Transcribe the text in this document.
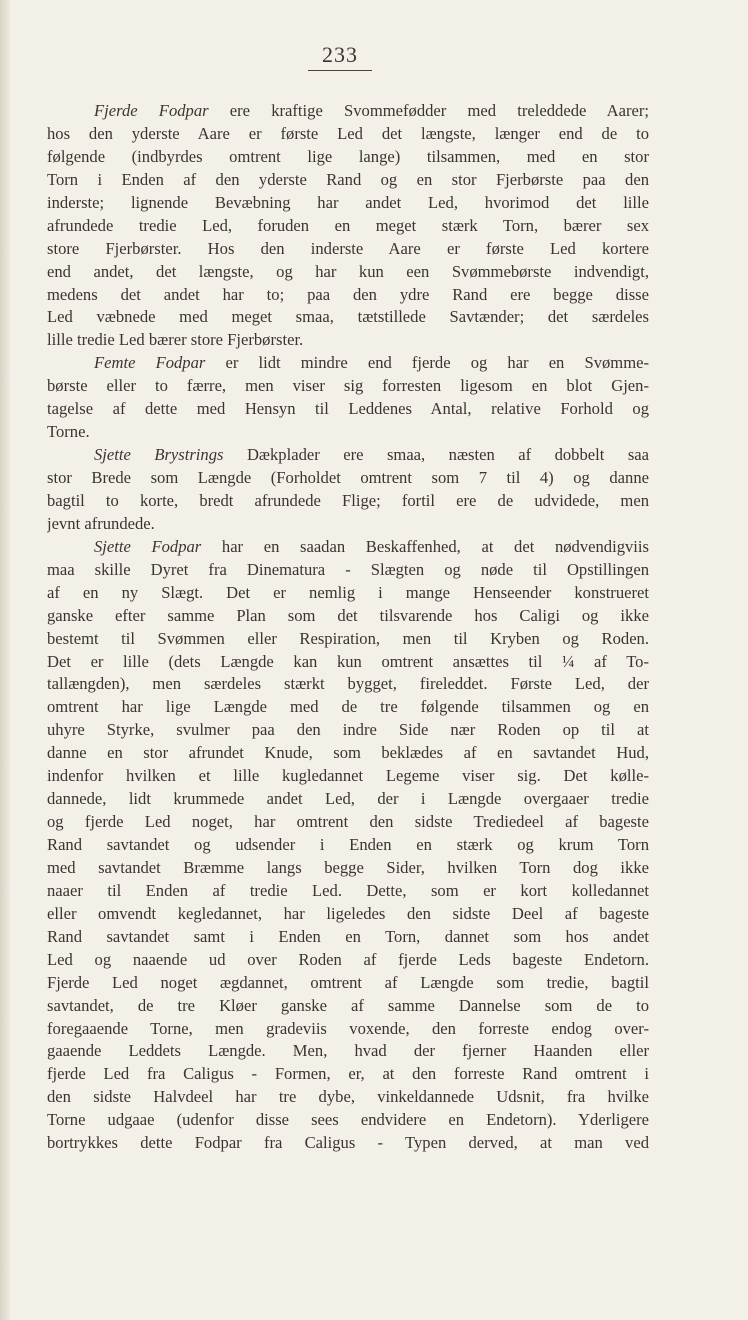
233
Fjerde Fodpar ere kraftige Svommefødder med treleddede Aarer;
hos den yderste Aare er første Led det længste, længer end de to
følgende (indbyrdes omtrent lige lange) tilsammen, med en stor
Torn i Enden af den yderste Rand og en stor Fjerbørste paa den
inderste; lignende Bevæbning har andet Led, hvorimod det lille
afrundede tredie Led, foruden en meget stærk Torn, bærer sex
store Fjerbørster. Hos den inderste Aare er første Led kortere
end andet, det længste, og har kun een Svømmebørste indvendigt,
medens det andet har to; paa den ydre Rand ere begge disse
Led væbnede med meget smaa, tætstillede Savtænder; det særdeles
lille tredie Led bærer store Fjerbørster.
Femte Fodpar er lidt mindre end fjerde og har en Svømme-
børste eller to færre, men viser sig forresten ligesom en blot Gjen-
tagelse af dette med Hensyn til Leddenes Antal, relative Forhold og
Torne.
Sjette Brystrings Dækplader ere smaa, næsten af dobbelt saa
stor Brede som Længde (Forholdet omtrent som 7 til 4) og danne
bagtil to korte, bredt afrundede Flige; fortil ere de udvidede, men
jevnt afrundede.
Sjette Fodpar har en saadan Beskaffenhed, at det nødvendigviis
maa skille Dyret fra Dinematura - Slægten og nøde til Opstillingen
af en ny Slægt. Det er nemlig i mange Henseender konstrueret
ganske efter samme Plan som det tilsvarende hos Caligi og ikke
bestemt til Svømmen eller Respiration, men til Kryben og Roden.
Det er lille (dets Længde kan kun omtrent ansættes til ¼ af To-
tallængden), men særdeles stærkt bygget, fireleddet. Første Led, der
omtrent har lige Længde med de tre følgende tilsammen og en
uhyre Styrke, svulmer paa den indre Side nær Roden op til at
danne en stor afrundet Knude, som beklædes af en savtandet Hud,
indenfor hvilken et lille kugledannet Legeme viser sig. Det kølle-
dannede, lidt krummede andet Led, der i Længde overgaaer tredie
og fjerde Led noget, har omtrent den sidste Trediedeel af bageste
Rand savtandet og udsender i Enden en stærk og krum Torn
med savtandet Bræmme langs begge Sider, hvilken Torn dog ikke
naaer til Enden af tredie Led. Dette, som er kort kolledannet
eller omvendt kegledannet, har ligeledes den sidste Deel af bageste
Rand savtandet samt i Enden en Torn, dannet som hos andet
Led og naaende ud over Roden af fjerde Leds bageste Endetorn.
Fjerde Led noget ægdannet, omtrent af Længde som tredie, bagtil
savtandet, de tre Kløer ganske af samme Dannelse som de to
foregaaende Torne, men gradeviis voxende, den forreste endog over-
gaaende Leddets Længde. Men, hvad der fjerner Haanden eller
fjerde Led fra Caligus - Formen, er, at den forreste Rand omtrent i
den sidste Halvdeel har tre dybe, vinkeldannede Udsnit, fra hvilke
Torne udgaae (udenfor disse sees endvidere en Endetorn). Yderligere
bortrykkes dette Fodpar fra Caligus - Typen derved, at man ved
